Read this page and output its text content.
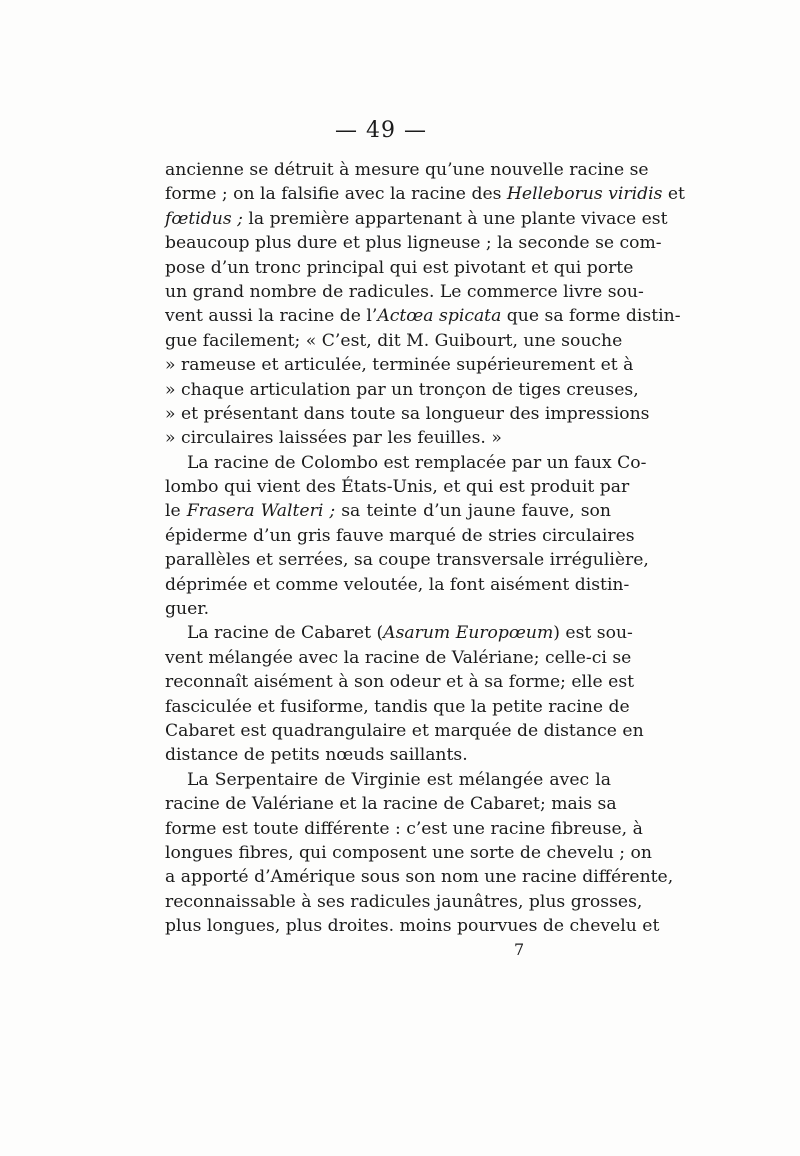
— 49 —
ancienne se détruit à mesure qu’une nouvelle racine se
forme ; on la falsifie avec la racine des Helleborus viridis et
fœtidus ; la première appartenant à une plante vivace est
beaucoup plus dure et plus ligneuse ; la seconde se com-
pose d’un tronc principal qui est pivotant et qui porte
un grand nombre de radicules. Le commerce livre sou-
vent aussi la racine de l’Actœa spicata que sa forme distin-
gue facilement; « C’est, dit M. Guibourt, une souche
» rameuse et articulée, terminée supérieurement et à
» chaque articulation par un tronçon de tiges creuses,
» et présentant dans toute sa longueur des impressions
» circulaires laissées par les feuilles. »
La racine de Colombo est remplacée par un faux Co-
lombo qui vient des États-Unis, et qui est produit par
le Frasera Walteri ; sa teinte d’un jaune fauve, son
épiderme d’un gris fauve marqué de stries circulaires
parallèles et serrées, sa coupe transversale irrégulière,
déprimée et comme veloutée, la font aisément distin-
guer.
La racine de Cabaret (Asarum Europœum) est sou-
vent mélangée avec la racine de Valériane; celle-ci se
reconnaît aisément à son odeur et à sa forme; elle est
fasciculée et fusiforme, tandis que la petite racine de
Cabaret est quadrangulaire et marquée de distance en
distance de petits nœuds saillants.
La Serpentaire de Virginie est mélangée avec la
racine de Valériane et la racine de Cabaret; mais sa
forme est toute différente : c’est une racine fibreuse, à
longues fibres, qui composent une sorte de chevelu ; on
a apporté d’Amérique sous son nom une racine différente,
reconnaissable à ses radicules jaunâtres, plus grosses,
plus longues, plus droites. moins pourvues de chevelu et
7
